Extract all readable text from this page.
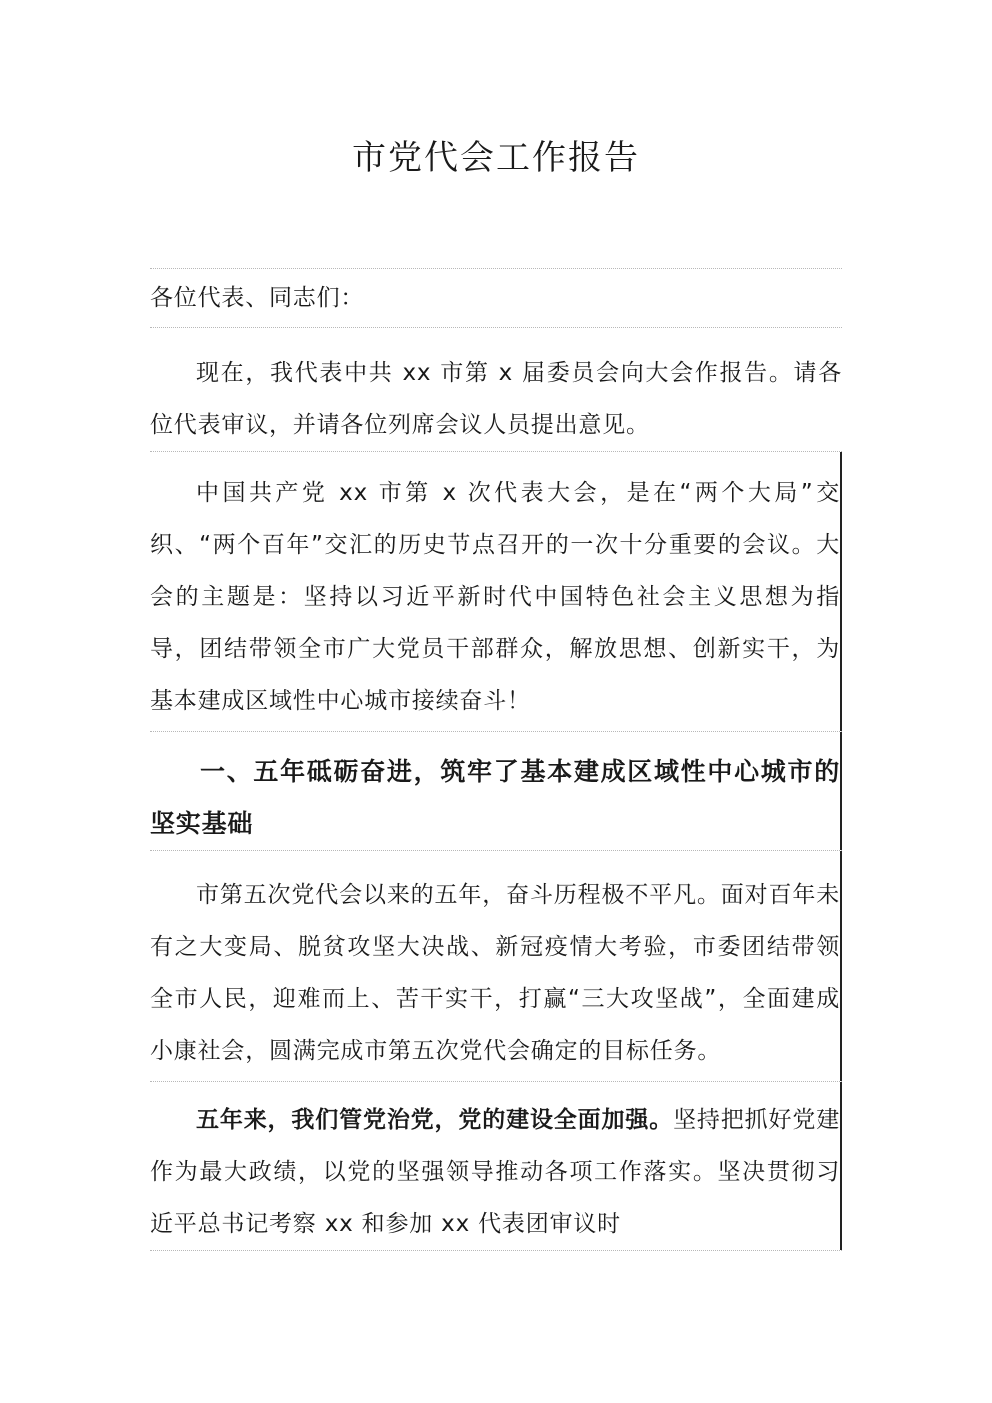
市党代会工作报告
各位代表、同志们：
现在，我代表中共 xx 市第 x 届委员会向大会作报告。请各位代表审议，并请各位列席会议人员提出意见。
中国共产党 xx 市第 x 次代表大会，是在“两个大局”交织、“两个百年”交汇的历史节点召开的一次十分重要的会议。大会的主题是：坚持以习近平新时代中国特色社会主义思想为指导，团结带领全市广大党员干部群众，解放思想、创新实干，为基本建成区域性中心城市接续奋斗！
一、五年砥砺奋进，筑牢了基本建成区域性中心城市的坚实基础
市第五次党代会以来的五年，奋斗历程极不平凡。面对百年未有之大变局、脱贫攻坚大决战、新冠疫情大考验，市委团结带领全市人民，迎难而上、苦干实干，打赢“三大攻坚战”，全面建成小康社会，圆满完成市第五次党代会确定的目标任务。
五年来，我们管党治党，党的建设全面加强。坚持把抓好党建作为最大政绩，以党的坚强领导推动各项工作落实。坚决贯彻习近平总书记考察 xx 和参加 xx 代表团审议时
